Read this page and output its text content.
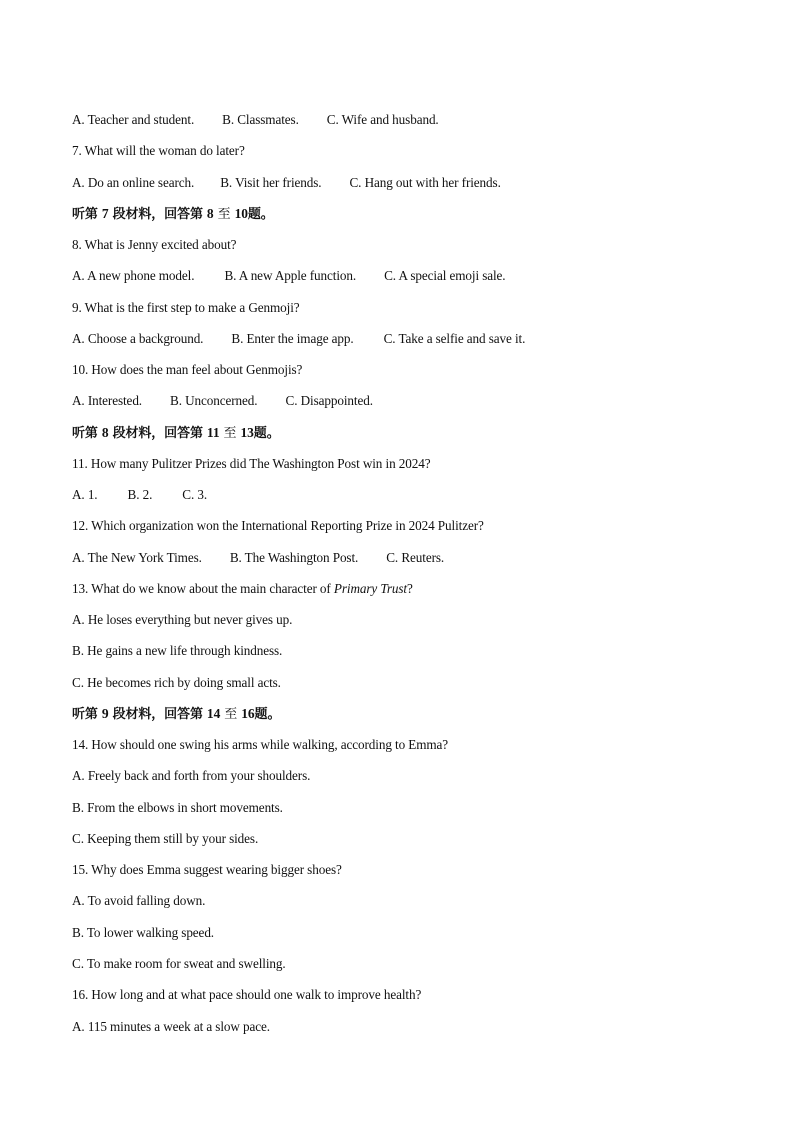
A. Teacher and student. B. Classmates. C. Wife and husband.
7. What will the woman do later?
A. Do an online search. B. Visit her friends. C. Hang out with her friends.
听第 7 段材料，回答第 8 至 10题。
8. What is Jenny excited about?
A. A new phone model. B. A new Apple function. C. A special emoji sale.
9. What is the first step to make a Genmoji?
A. Choose a background. B. Enter the image app. C. Take a selfie and save it.
10. How does the man feel about Genmojis?
A. Interested. B. Unconcerned. C. Disappointed.
听第 8 段材料，回答第 11 至 13题。
11. How many Pulitzer Prizes did The Washington Post win in 2024?
A. 1. B. 2. C. 3.
12. Which organization won the International Reporting Prize in 2024 Pulitzer?
A. The New York Times. B. The Washington Post. C. Reuters.
13. What do we know about the main character of Primary Trust?
A. He loses everything but never gives up.
B. He gains a new life through kindness.
C. He becomes rich by doing small acts.
听第 9 段材料，回答第 14 至 16题。
14. How should one swing his arms while walking, according to Emma?
A. Freely back and forth from your shoulders.
B. From the elbows in short movements.
C. Keeping them still by your sides.
15. Why does Emma suggest wearing bigger shoes?
A. To avoid falling down.
B. To lower walking speed.
C. To make room for sweat and swelling.
16. How long and at what pace should one walk to improve health?
A. 115 minutes a week at a slow pace.
